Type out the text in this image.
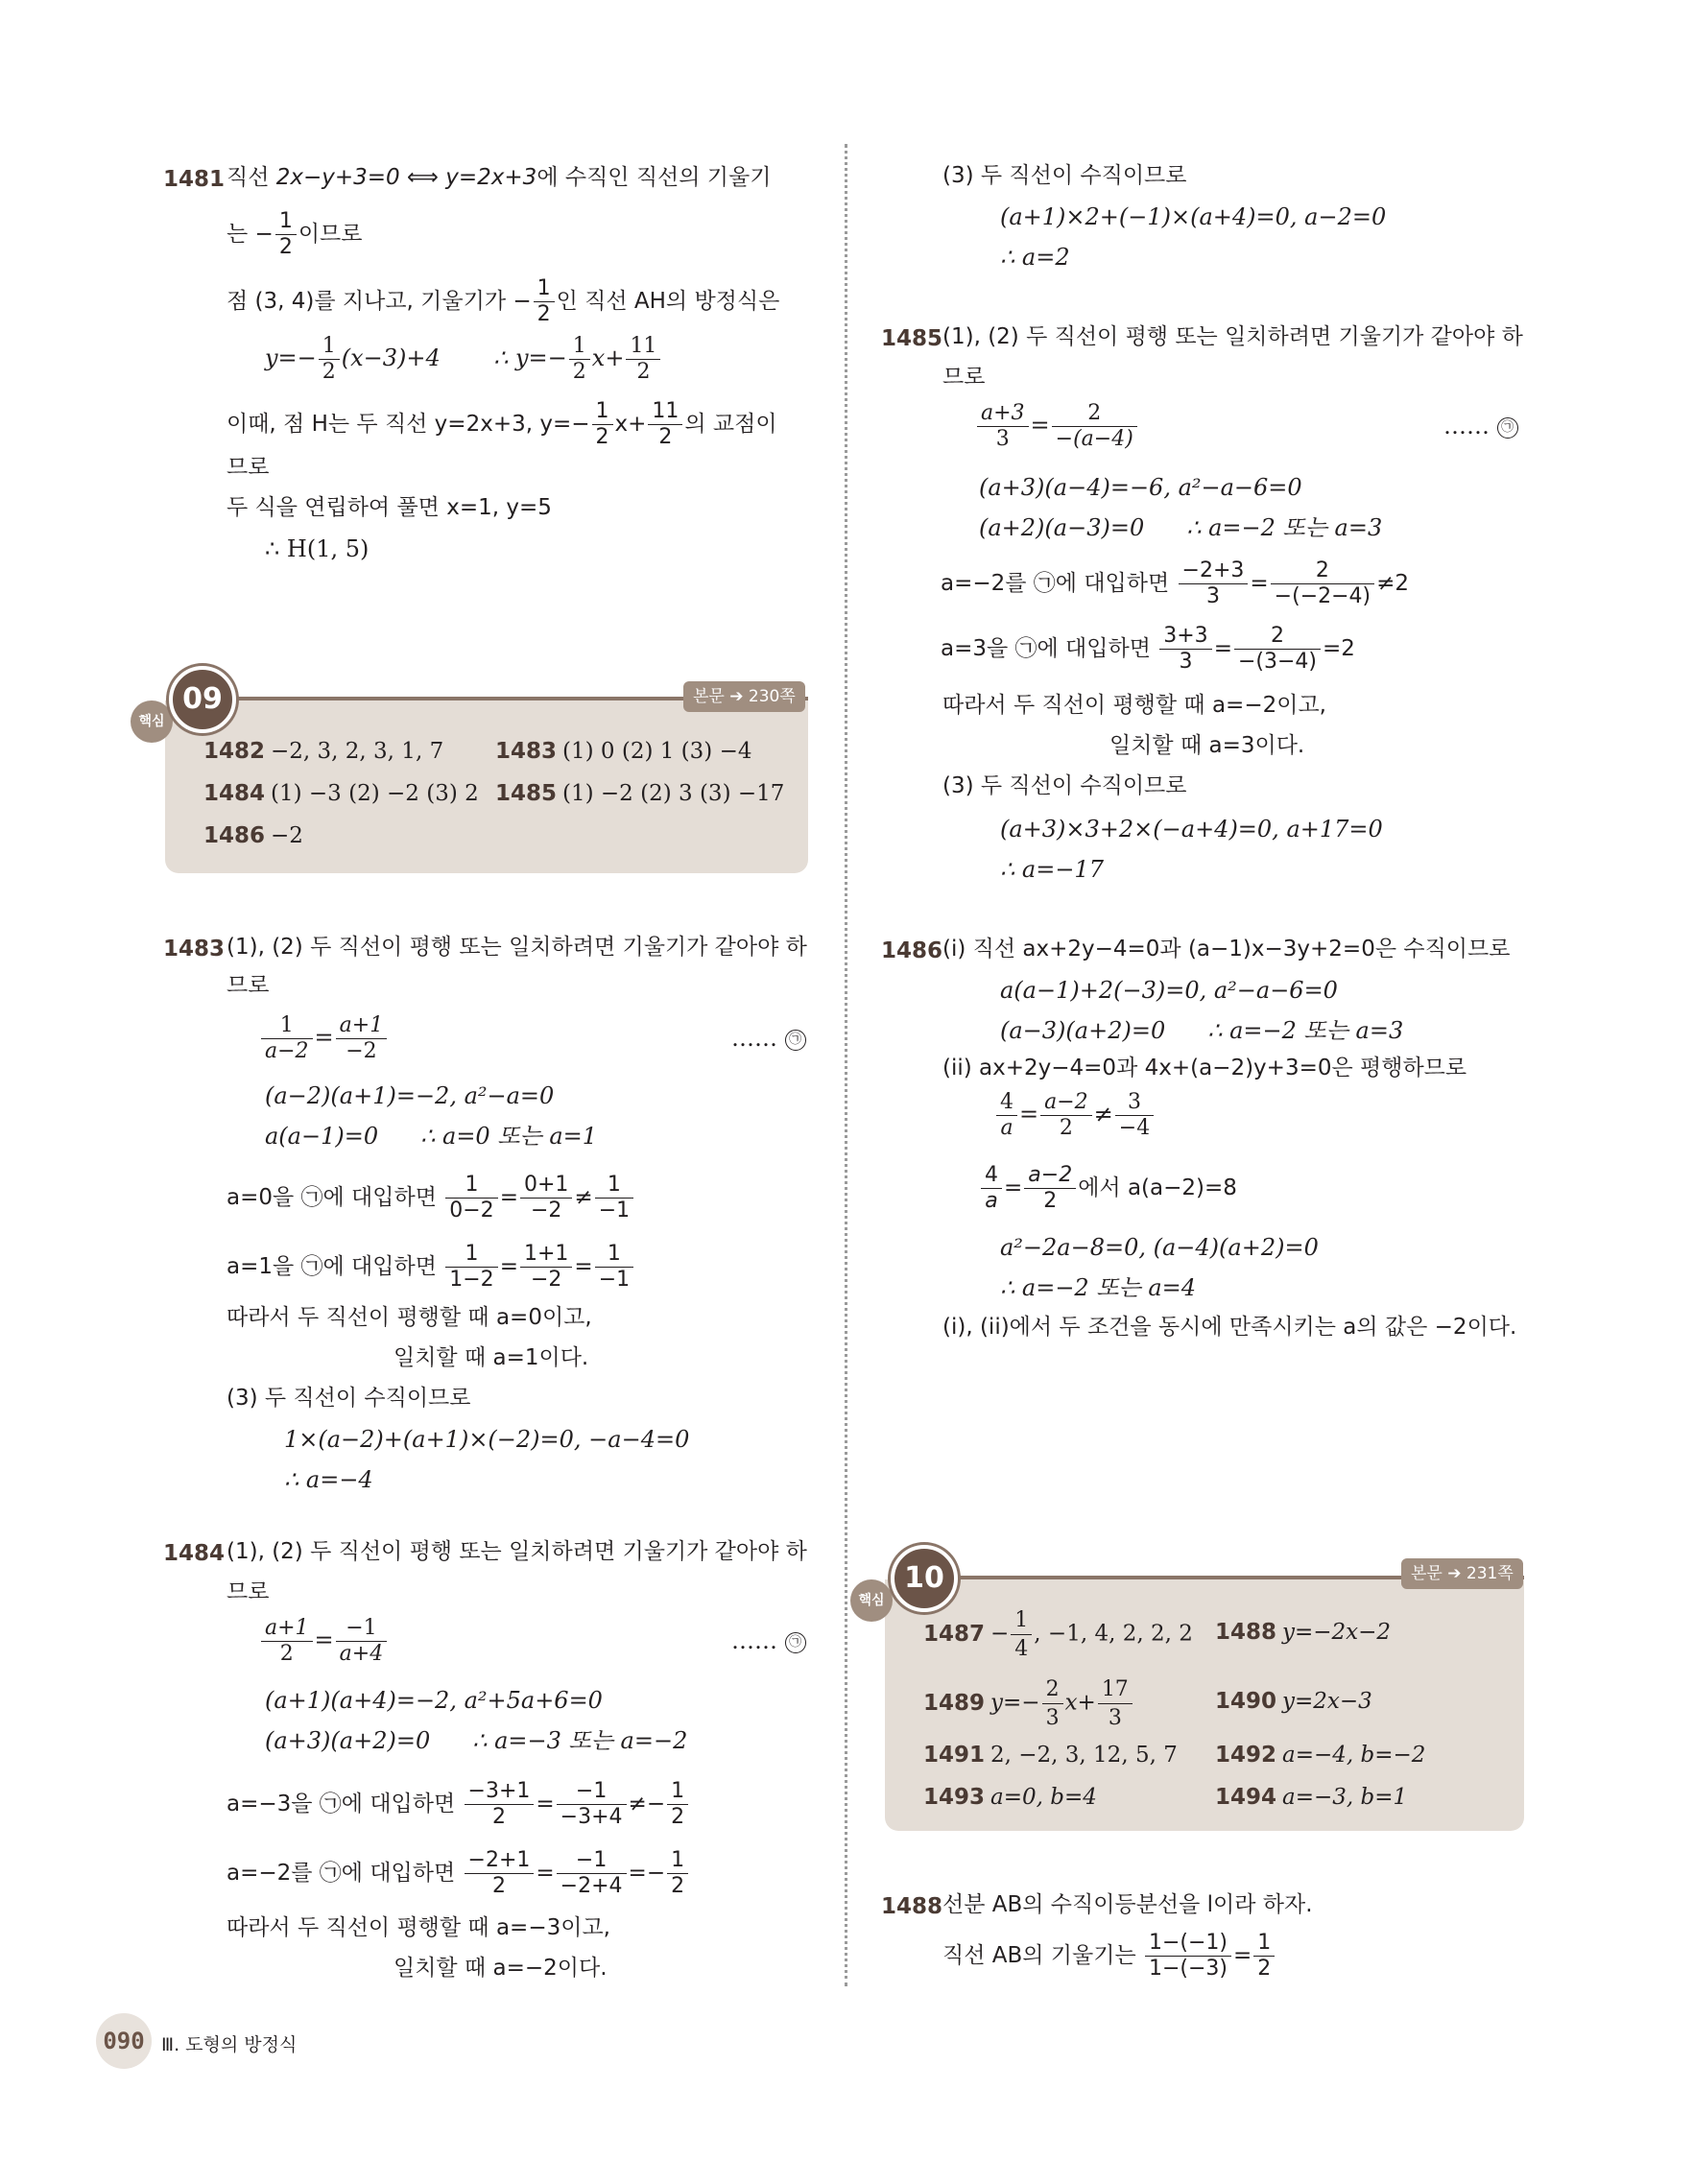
1481 직선 2x−y+3=0 ⟺ y=2x+3에 수직인 직선의 기울기
는 − $\frac{1}{2}$ 이므로
점 (3, 4)를 지나고, 기울기가 − $\frac{1}{2}$ 인 직선 AH의 방정식은
$y=- \frac{1}{2} (x-3)+4$ ∴ $y=- \frac{1}{2} x+ \frac{11}{2}$
이때, 점 H는 두 직선 y=2x+3, $y=- \frac{1}{2} x+ \frac{11}{2}$ 의 교점이
므로
두 식을 연립하여 풀면 x=1, y=5
∴ H(1, 5)
핵심
09	본문 ➔ 230쪽
1482 −2, 3, 2, 3, 1, 7 1483 (1) 0 (2) 1 (3) −4
1484 (1) −3 (2) −2 (3) 2 1485 (1) −2 (2) 3 (3) −17
1486 −2
1483 (1), (2) 두 직선이 평행 또는 일치하려면 기울기가 같아야 하
므로
$\frac{1}{a-2} = \frac{a+1}{-2}$	…… ㉠
(a−2)(a+1)=−2, a²−a=0
a(a−1)=0 ∴ a=0 또는 a=1
a=0을 ㉠에 대입하면 $\frac{1}{0-2} = \frac{0+1}{-2} \ne \frac{1}{-1}$
a=1을 ㉠에 대입하면 $\frac{1}{1-2} = \frac{1+1}{-2} = \frac{1}{-1}$
따라서 두 직선이 평행할 때 a=0이고,
일치할 때 a=1이다.
(3) 두 직선이 수직이므로
1×(a−2)+(a+1)×(−2)=0, −a−4=0
∴ a=−4
1484 (1), (2) 두 직선이 평행 또는 일치하려면 기울기가 같아야 하
므로
$\frac{a+1}{2} = \frac{-1}{a+4}$	…… ㉠
(a+1)(a+4)=−2, a²+5a+6=0
(a+3)(a+2)=0 ∴ a=−3 또는 a=−2
a=−3을 ㉠에 대입하면 $\frac{-3+1}{2} = \frac{-1}{-3+4} \ne- \frac{1}{2}$
a=−2를 ㉠에 대입하면 $\frac{-2+1}{2} = \frac{-1}{-2+4} =- \frac{1}{2}$
따라서 두 직선이 평행할 때 a=−3이고,
일치할 때 a=−2이다.
(3) 두 직선이 수직이므로
(a+1)×2+(−1)×(a+4)=0, a−2=0
∴ a=2
1485 (1), (2) 두 직선이 평행 또는 일치하려면 기울기가 같아야 하
므로
$\frac{a+3}{3} = \frac{2}{-(a-4)}$	…… ㉠
(a+3)(a−4)=−6, a²−a−6=0
(a+2)(a−3)=0 ∴ a=−2 또는 a=3
a=−2를 ㉠에 대입하면 $\frac{-2+3}{3} = \frac{2}{-(-2-4)} \ne 2$
a=3을 ㉠에 대입하면 $\frac{3+3}{3} = \frac{2}{-(3-4)} =2$
따라서 두 직선이 평행할 때 a=−2이고,
일치할 때 a=3이다.
(3) 두 직선이 수직이므로
(a+3)×3+2×(−a+4)=0, a+17=0
∴ a=−17
1486 (i) 직선 ax+2y−4=0과 (a−1)x−3y+2=0은 수직이므로
a(a−1)+2(−3)=0, a²−a−6=0
(a−3)(a+2)=0 ∴ a=−2 또는 a=3
(ii) ax+2y−4=0과 4x+(a−2)y+3=0은 평행하므로
$\frac{4}{a} = \frac{a-2}{2} \ne \frac{3}{-4}$
$\frac{4}{a} = \frac{a-2}{2}$ 에서 a(a−2)=8
a²−2a−8=0, (a−4)(a+2)=0
∴ a=−2 또는 a=4
(i), (ii)에서 두 조건을 동시에 만족시키는 a의 값은 −2이다.
핵심
10	본문 ➔ 231쪽
$1487 - \frac{1}{4}$ , −1, 4, 2, 2, 2 1488 y=−2x−2
1489 $y=- \frac{2}{3} x+ \frac{17}{3}$	1490 y=2x−3
1491 2, −2, 3, 12, 5, 7 1492 a=−4, b=−2
1493 a=0, b=4	1494 a=−3, b=1
1488 선분 AB의 수직이등분선을 l이라 하자.
직선 AB의 기울기는 $\frac{1-(-1)}{1-(-3)} = \frac{1}{2}$
090 Ⅲ. 도형의 방정식
